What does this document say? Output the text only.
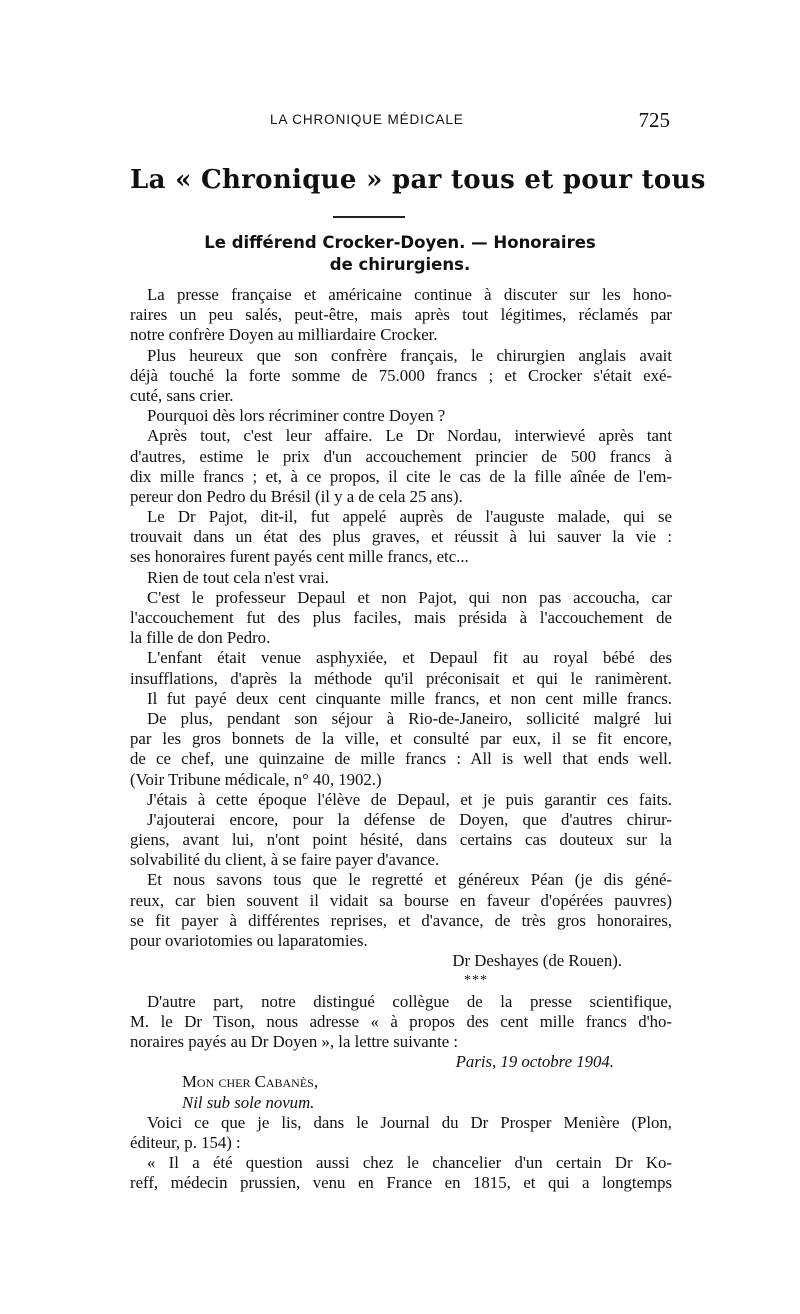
LA CHRONIQUE MÉDICALE	725
La « Chronique » par tous et pour tous
Le différend Crocker-Doyen. — Honoraires
de chirurgiens.
La presse française et américaine continue à discuter sur les hono-
raires un peu salés, peut-être, mais après tout légitimes, réclamés par
notre confrère Doyen au milliardaire Crocker.
Plus heureux que son confrère français, le chirurgien anglais avait
déjà touché la forte somme de 75.000 francs ; et Crocker s'était exé-
cuté, sans crier.
Pourquoi dès lors récriminer contre Doyen ?
Après tout, c'est leur affaire. Le Dr Nordau, interwievé après tant
d'autres, estime le prix d'un accouchement princier de 500 francs à
dix mille francs ; et, à ce propos, il cite le cas de la fille aînée de l'em-
pereur don Pedro du Brésil (il y a de cela 25 ans).
Le Dr Pajot, dit-il, fut appelé auprès de l'auguste malade, qui se
trouvait dans un état des plus graves, et réussit à lui sauver la vie :
ses honoraires furent payés cent mille francs, etc...
Rien de tout cela n'est vrai.
C'est le professeur Depaul et non Pajot, qui non pas accoucha, car
l'accouchement fut des plus faciles, mais présida à l'accouchement de
la fille de don Pedro.
L'enfant était venue asphyxiée, et Depaul fit au royal bébé des
insufflations, d'après la méthode qu'il préconisait et qui le ranimèrent.
Il fut payé deux cent cinquante mille francs, et non cent mille francs.
De plus, pendant son séjour à Rio-de-Janeiro, sollicité malgré lui
par les gros bonnets de la ville, et consulté par eux, il se fit encore,
de ce chef, une quinzaine de mille francs : All is well that ends well.
(Voir Tribune médicale, n° 40, 1902.)
J'étais à cette époque l'élève de Depaul, et je puis garantir ces faits.
J'ajouterai encore, pour la défense de Doyen, que d'autres chirur-
giens, avant lui, n'ont point hésité, dans certains cas douteux sur la
solvabilité du client, à se faire payer d'avance.
Et nous savons tous que le regretté et généreux Péan (je dis géné-
reux, car bien souvent il vidait sa bourse en faveur d'opérées pauvres)
se fit payer à différentes reprises, et d'avance, de très gros honoraires,
pour ovariotomies ou laparatomies.
Dr Deshayes (de Rouen).
***
D'autre part, notre distingué collègue de la presse scientifique,
M. le Dr Tison, nous adresse « à propos des cent mille francs d'ho-
noraires payés au Dr Doyen », la lettre suivante :
Paris, 19 octobre 1904.
Mon cher Cabanès,
Nil sub sole novum.
Voici ce que je lis, dans le Journal du Dr Prosper Menière (Plon,
éditeur, p. 154) :
« Il a été question aussi chez le chancelier d'un certain Dr Ko-
reff, médecin prussien, venu en France en 1815, et qui a longtemps
